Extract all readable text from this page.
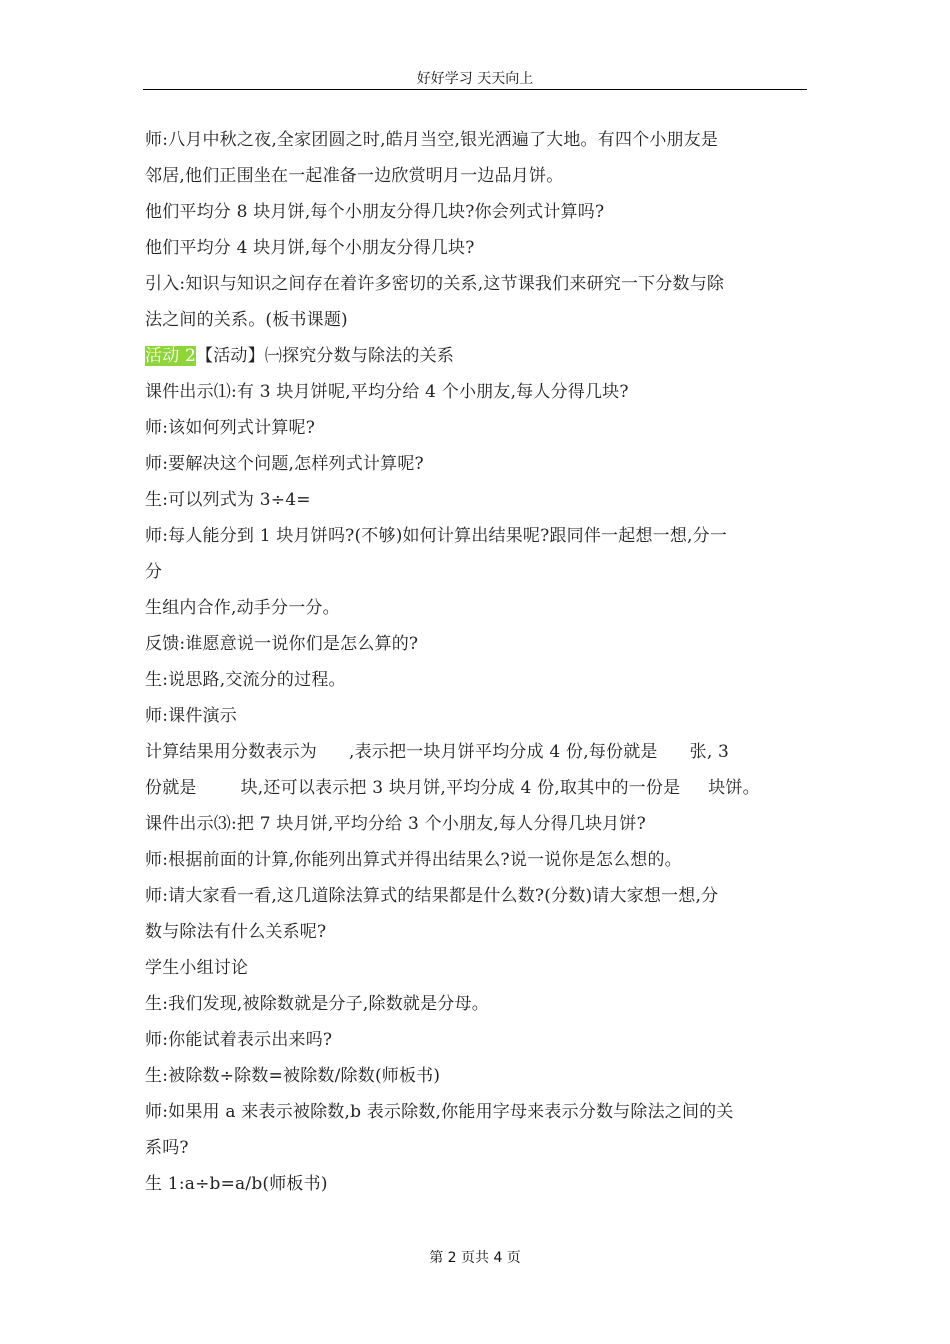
好好学习 天天向上
师:八月中秋之夜,全家团圆之时,皓月当空,银光洒遍了大地。有四个小朋友是
邻居,他们正围坐在一起准备一边欣赏明月一边品月饼。
他们平均分 8 块月饼,每个小朋友分得几块?你会列式计算吗?
他们平均分 4 块月饼,每个小朋友分得几块?
引入:知识与知识之间存在着许多密切的关系,这节课我们来研究一下分数与除
法之间的关系。(板书课题)
活动 2【活动】㈠探究分数与除法的关系
课件出示⑴:有 3 块月饼呢,平均分给 4 个小朋友,每人分得几块?
师:该如何列式计算呢?
师:要解决这个问题,怎样列式计算呢?
生:可以列式为 3÷4=
师:每人能分到 1 块月饼吗?(不够)如何计算出结果呢?跟同伴一起想一想,分一
分
生组内合作,动手分一分。
反馈:谁愿意说一说你们是怎么算的?
生:说思路,交流分的过程。
师:课件演示
计算结果用分数表示为 ,表示把一块月饼平均分成 4 份,每份就是 张, 3
份就是	块,还可以表示把 3 块月饼,平均分成 4 份,取其中的一份是 块饼。
课件出示⑶:把 7 块月饼,平均分给 3 个小朋友,每人分得几块月饼?
师:根据前面的计算,你能列出算式并得出结果么?说一说你是怎么想的。
师:请大家看一看,这几道除法算式的结果都是什么数?(分数)请大家想一想,分
数与除法有什么关系呢?
学生小组讨论
生:我们发现,被除数就是分子,除数就是分母。
师:你能试着表示出来吗?
生:被除数÷除数=被除数/除数(师板书)
师:如果用 a 来表示被除数,b 表示除数,你能用字母来表示分数与除法之间的关
系吗?
生 1:a÷b=a/b(师板书)
第 2 页共 4 页
